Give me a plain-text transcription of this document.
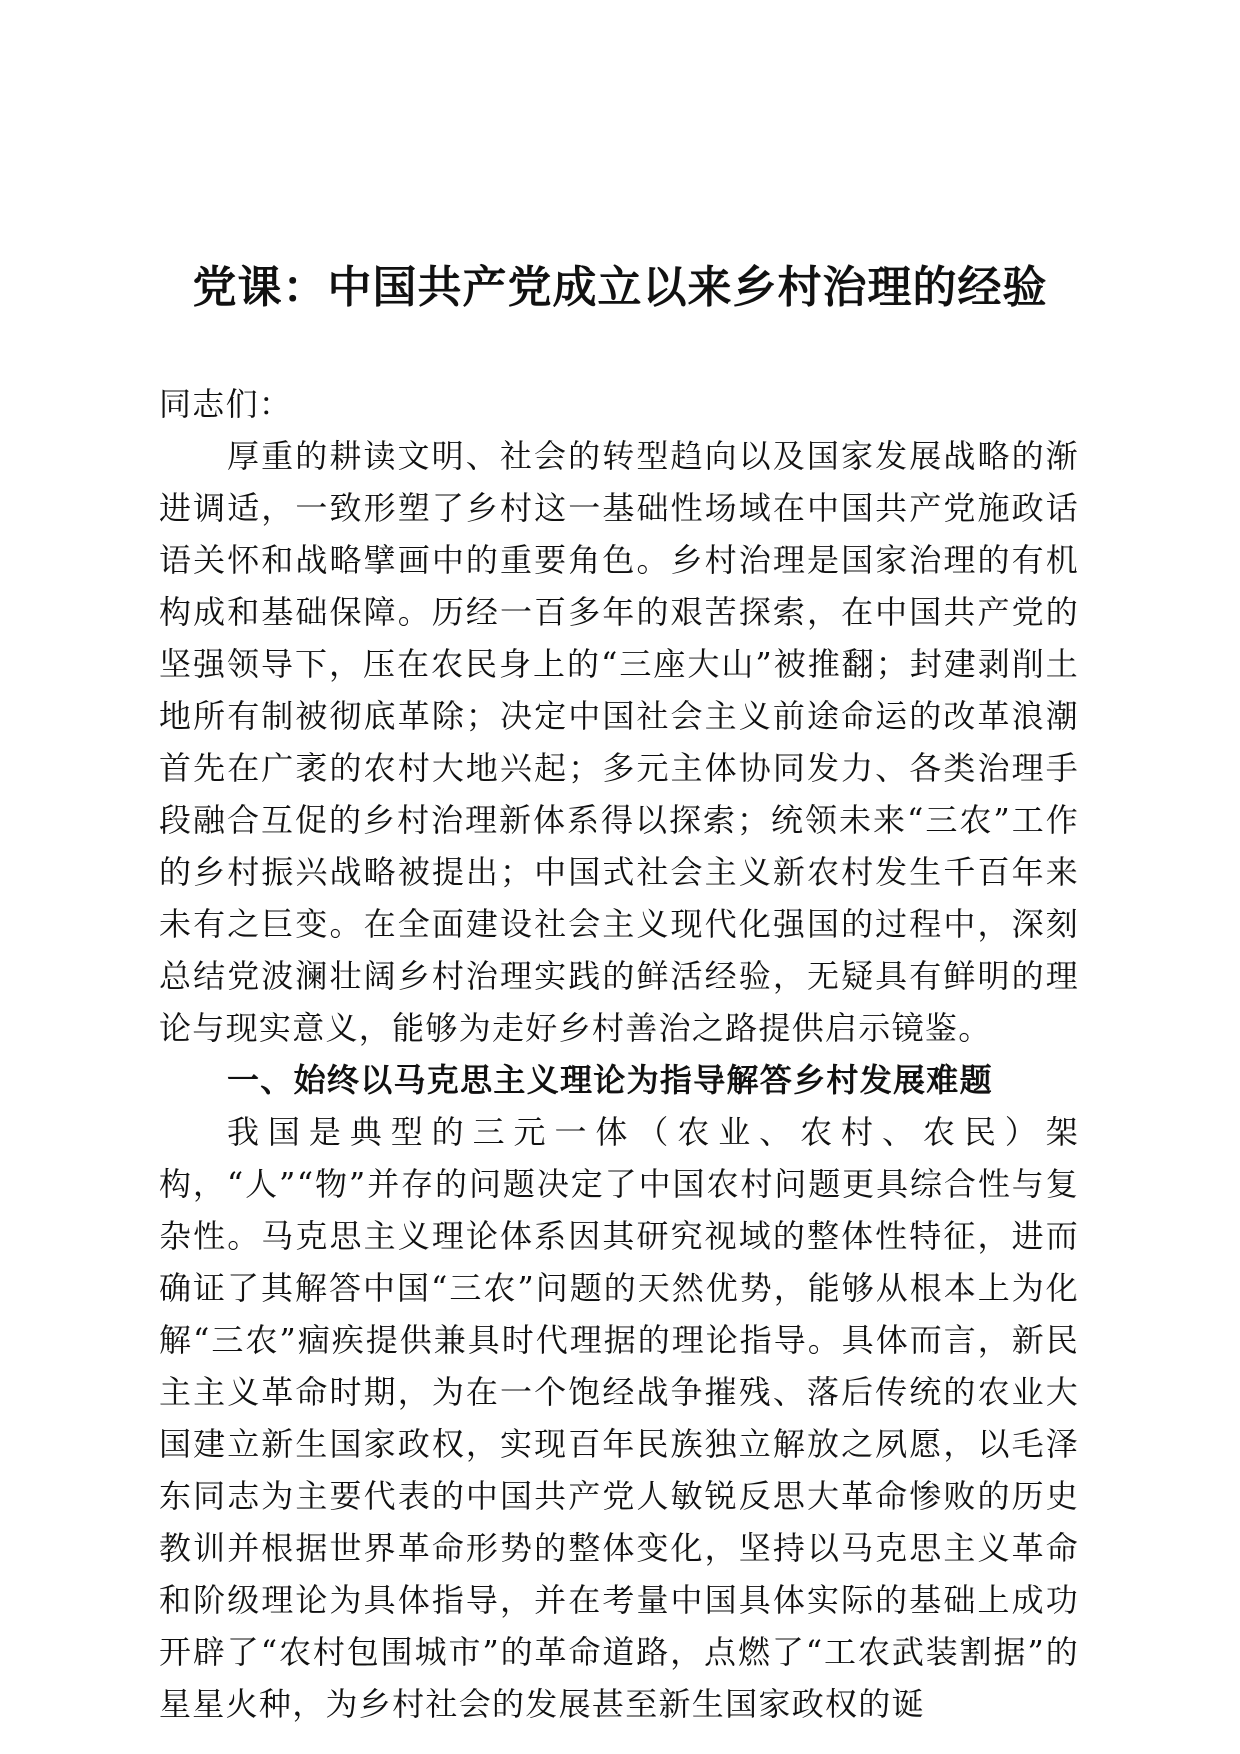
党课：中国共产党成立以来乡村治理的经验

同志们：

厚重的耕读文明、社会的转型趋向以及国家发展战略的渐进调适，一致形塑了乡村这一基础性场域在中国共产党施政话语关怀和战略擘画中的重要角色。乡村治理是国家治理的有机构成和基础保障。历经一百多年的艰苦探索，在中国共产党的坚强领导下，压在农民身上的“三座大山”被推翻；封建剥削土地所有制被彻底革除；决定中国社会主义前途命运的改革浪潮首先在广袤的农村大地兴起；多元主体协同发力、各类治理手段融合互促的乡村治理新体系得以探索；统领未来“三农”工作的乡村振兴战略被提出；中国式社会主义新农村发生千百年来未有之巨变。在全面建设社会主义现代化强国的过程中，深刻总结党波澜壮阔乡村治理实践的鲜活经验，无疑具有鲜明的理论与现实意义，能够为走好乡村善治之路提供启示镜鉴。

一、始终以马克思主义理论为指导解答乡村发展难题

我国是典型的三元一体（农业、农村、农民）架构，“人”“物”并存的问题决定了中国农村问题更具综合性与复杂性。马克思主义理论体系因其研究视域的整体性特征，进而确证了其解答中国“三农”问题的天然优势，能够从根本上为化解“三农”痼疾提供兼具时代理据的理论指导。具体而言，新民主主义革命时期，为在一个饱经战争摧残、落后传统的农业大国建立新生国家政权，实现百年民族独立解放之夙愿，以毛泽东同志为主要代表的中国共产党人敏锐反思大革命惨败的历史教训并根据世界革命形势的整体变化，坚持以马克思主义革命和阶级理论为具体指导，并在考量中国具体实际的基础上成功开辟了“农村包围城市”的革命道路，点燃了“工农武装割据”的星星火种，为乡村社会的发展甚至新生国家政权的诞
